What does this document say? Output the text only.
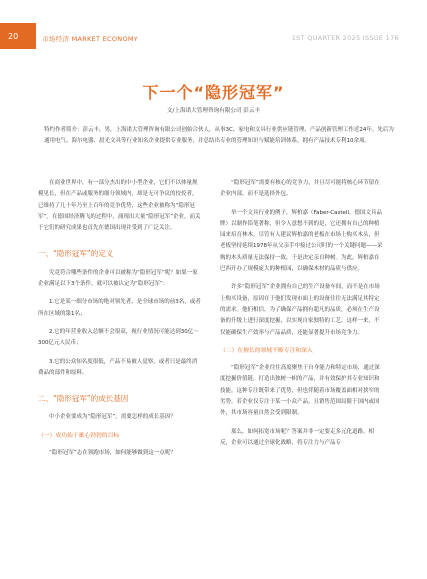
20	市场经济 MARKET ECONOMY	1ST QUARTER 2025 ISSUE 176
下一个“隐形冠军”
文/上海诺大管理咨询有限公司 彭云丰
特约作者简介：彭云丰，男，上海诺大管理咨询有限公司创始合伙人，从事3C、家电和文具行业供应链管理、产品创新管理工作近24年。先后为通用电气、海尔电器、晨光文具等行业知名企业提供专业服务，并总结出专业的管理知识与赋能培训体系，拥有产品技术专利10余项。

在商业世界中，有一部分杰出的中小型企业，它们不以体量规模见长，但在产品或服务的细分领域内，却是无可争议的佼佼者，已维持了几十年乃至上百年的竞争优势，这些企业被称为“隐形冠军”。在德国经济腾飞的过程中，涌现出大量“隐形冠军”企业，而关于它们的研究成果也首先在德国出现并受到了广泛关注。

一、“隐形冠军”的定义

究竟符合哪些条件的企业可以被称为“隐形冠军”呢？如果一家企业满足以下3个条件，就可以被认定为“隐形冠军”：

1.它是某一细分市场的绝对领先者，是全球市场的前3名，或者所在区域的第1名；

2.它的年营业收入总额不会很高，视行业情况可能达到30亿～300亿元人民币；

3.它的公众知名度很低，产品不易被人觉察，或者只是最终消费品的部件和原料。

二、“隐形冠军”的成长基因

中小企业要成为“隐形冠军”，需要怎样的成长基因？

（一）成功始于雄心勃勃的目标

“隐形冠军”志在领跑市场，如何能够做到这一点呢？

“隐形冠军”需要有核心的竞争力，并且尽可能将核心环节留在企业内部，而不是选择外包。

举一个文具行业的例子，辉柏嘉（Faber-Castell，德国文具品牌）以制作铅笔著称，但令人意想不到的是，它还拥有自己的种植园来培育林木。尽管有人建议辉柏嘉的老板在市场上购买木头，但老板坚持延续1978年从父亲手中接过公司时的一个关键问题——采购的木头质量无法保持一致，于是决定亲自种树。为此，辉柏嘉在巴西开办了规模庞大的种植园，以确保木材的品质与供应。

许多“隐形冠军”企业拥有自己的生产设备车间，而不是在市场上购买设备，原因在于他们发现市面上的设备往往无法满足其特定的需求。他们相信，为了确保产品拥有超凡的品质，必须在生产设备的升级上进行深度挖掘，以实现自家独特的工艺。这样一来，不仅能确保生产效率与产品品质，还能显著提升市场竞争力。

（二）在擅长的领域不断专注和深入

“隐形冠军”企业往往高度聚焦于自身能力和特定市场，通过深度挖掘价值链，打造出独树一帜的产品，并有效保护其专业知识和技能。这种专注既带来了优势，但也伴随着市场覆盖面相对狭窄的劣势。若企业仅专注于某一小众产品，且销售范围局限于国内或国外，其市场容量自然会受到限制。

那么，如何拓宽市场呢？答案并非一定要走多元化道路。相反，企业可以通过全球化战略，将专注力与产品专
